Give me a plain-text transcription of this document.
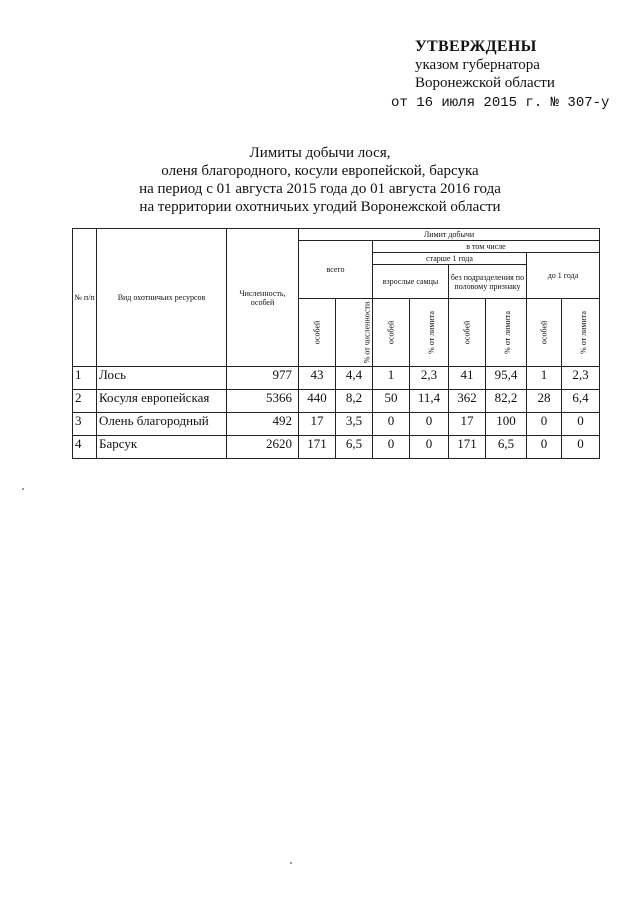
УТВЕРЖДЕНЫ
указом губернатора
Воронежской области
от 16 июля 2015 г. № 307-у
Лимиты добычи лося,
оленя благородного, косули европейской, барсука
на период с 01 августа 2015 года до 01 августа 2016 года
на территории охотничьих угодий Воронежской области
№ п/п	Вид охотничьих ресурсов	Численность, особей	Лимит добычи							
			всего		в том числе					
					старше 1 года				до 1 года	
					взрослые самцы		без подразделения по половому признаку			
			особей	% от численности	особей	% от лимита	особей	% от лимита	особей	% от лимита
1	Лось	977	43	4,4	1	2,3	41	95,4	1	2,3
2	Косуля европейская	5366	440	8,2	50	11,4	362	82,2	28	6,4
3	Олень благородный	492	17	3,5	0	0	17	100	0	0
4	Барсук	2620	171	6,5	0	0	171	6,5	0	0
